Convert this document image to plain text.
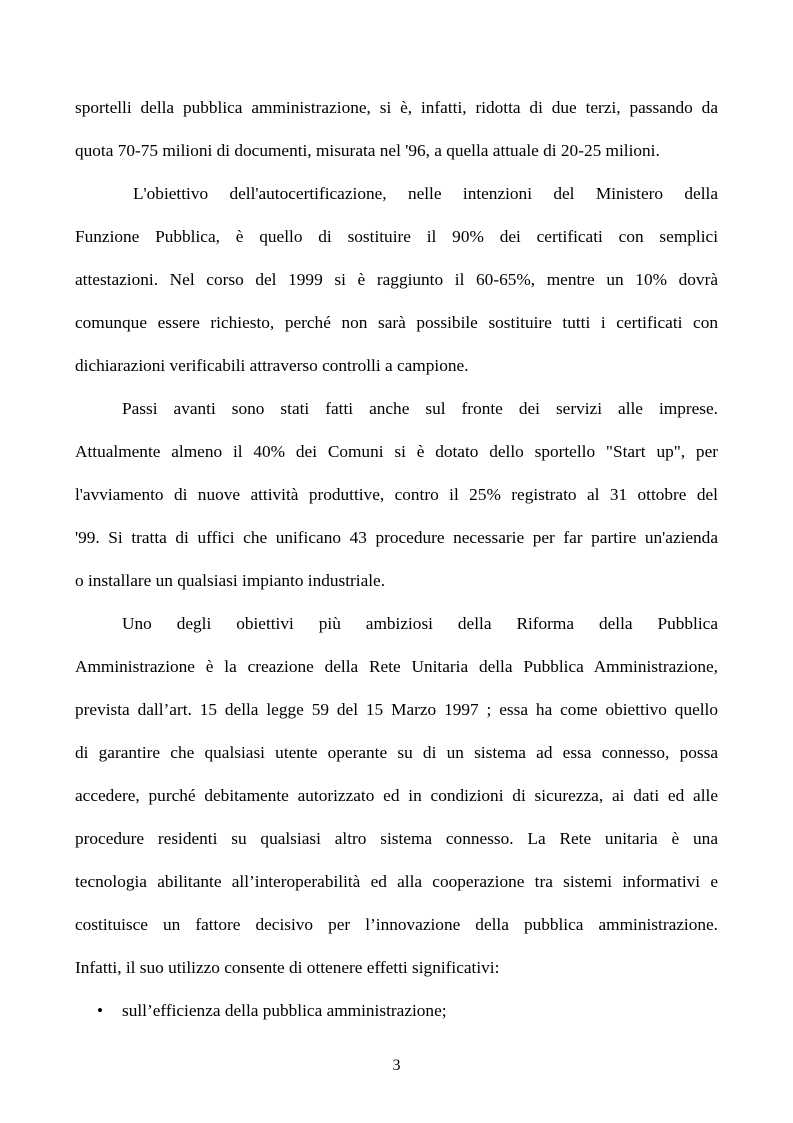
sportelli della pubblica amministrazione, si è, infatti, ridotta di due terzi, passando da
quota 70-75 milioni di documenti, misurata nel '96, a quella attuale di 20-25 milioni.
L'obiettivo dell'autocertificazione, nelle intenzioni del Ministero della
Funzione Pubblica, è quello di sostituire il 90% dei certificati con semplici
attestazioni. Nel corso del 1999 si è raggiunto il 60-65%, mentre un 10% dovrà
comunque essere richiesto, perché non sarà possibile sostituire tutti i certificati con
dichiarazioni verificabili attraverso controlli a campione.
Passi avanti sono stati fatti anche sul fronte dei servizi alle imprese.
Attualmente almeno il 40% dei Comuni si è dotato dello sportello "Start up", per
l'avviamento di nuove attività produttive, contro il 25% registrato al 31 ottobre del
'99. Si tratta di uffici che unificano 43 procedure necessarie per far partire un'azienda
o installare un qualsiasi impianto industriale.
Uno degli obiettivi più ambiziosi della Riforma della Pubblica
Amministrazione è la creazione della Rete Unitaria della Pubblica Amministrazione,
prevista dall’art. 15 della legge 59 del 15 Marzo 1997 ; essa ha come obiettivo quello
di garantire che qualsiasi utente operante su di un sistema ad essa connesso, possa
accedere, purché debitamente autorizzato ed in condizioni di sicurezza, ai dati ed alle
procedure residenti su qualsiasi altro sistema connesso. La Rete unitaria è una
tecnologia abilitante all’interoperabilità ed alla cooperazione tra sistemi informativi e
costituisce un fattore decisivo per l’innovazione della pubblica amministrazione.
Infatti, il suo utilizzo consente di ottenere effetti significativi:
• sull’efficienza della pubblica amministrazione;
3
